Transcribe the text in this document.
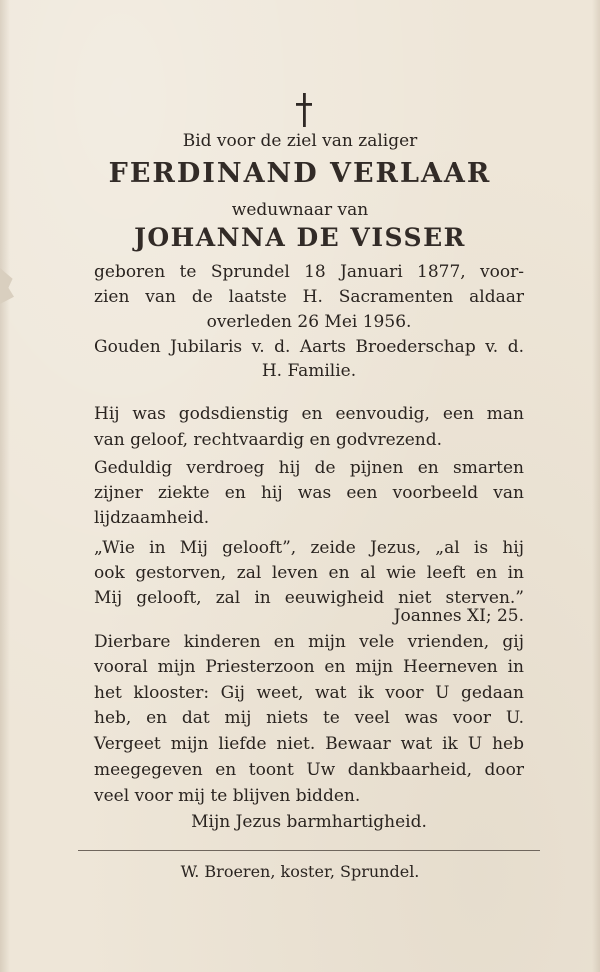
Bid voor de ziel van zaliger
FERDINAND VERLAAR
weduwnaar van
JOHANNA DE VISSER
geboren te Sprundel 18 Januari 1877, voor-
zien van de laatste H. Sacramenten aldaar
overleden 26 Mei 1956.
Gouden Jubilaris v. d. Aarts Broederschap v. d.
H. Familie.
Hij was godsdienstig en eenvoudig, een man
van geloof, rechtvaardig en godvrezend.
Geduldig verdroeg hij de pijnen en smarten
zijner ziekte en hij was een voorbeeld van
lijdzaamheid.
„Wie in Mij gelooft”, zeide Jezus, „al is hij
ook gestorven, zal leven en al wie leeft en in
Mij gelooft, zal in eeuwigheid niet sterven.”
Joannes XI; 25.
Dierbare kinderen en mijn vele vrienden, gij
vooral mijn Priesterzoon en mijn Heerneven in
het klooster: Gij weet, wat ik voor U gedaan
heb, en dat mij niets te veel was voor U.
Vergeet mijn liefde niet. Bewaar wat ik U heb
meegegeven en toont Uw dankbaarheid, door
veel voor mij te blijven bidden.
Mijn Jezus barmhartigheid.
W. Broeren, koster, Sprundel.
